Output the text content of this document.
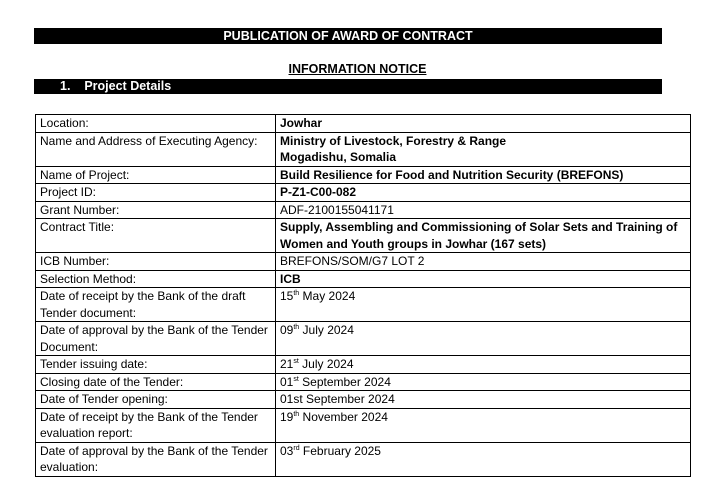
PUBLICATION OF AWARD OF CONTRACT
INFORMATION NOTICE
1. Project Details
Location:	Jowhar
Name and Address of Executing Agency:	Ministry of Livestock, Forestry & Range
Mogadishu, Somalia

Name of Project:	Build Resilience for Food and Nutrition Security (BREFONS)
Project ID:	P-Z1-C00-082
Grant Number:	ADF-2100155041171
Contract Title:	Supply, Assembling and Commissioning of Solar Sets and Training of Women and Youth groups in Jowhar (167 sets)
ICB Number:	BREFONS/SOM/G7 LOT 2
Selection Method:	ICB
Date of receipt by the Bank of the draft Tender document:	15th May 2024
Date of approval by the Bank of the Tender Document:	09th July 2024
Tender issuing date:	21st July 2024
Closing date of the Tender:	01st September 2024
Date of Tender opening:	01st September 2024
Date of receipt by the Bank of the Tender evaluation report:	19th November 2024
Date of approval by the Bank of the Tender evaluation:	03rd February 2025
